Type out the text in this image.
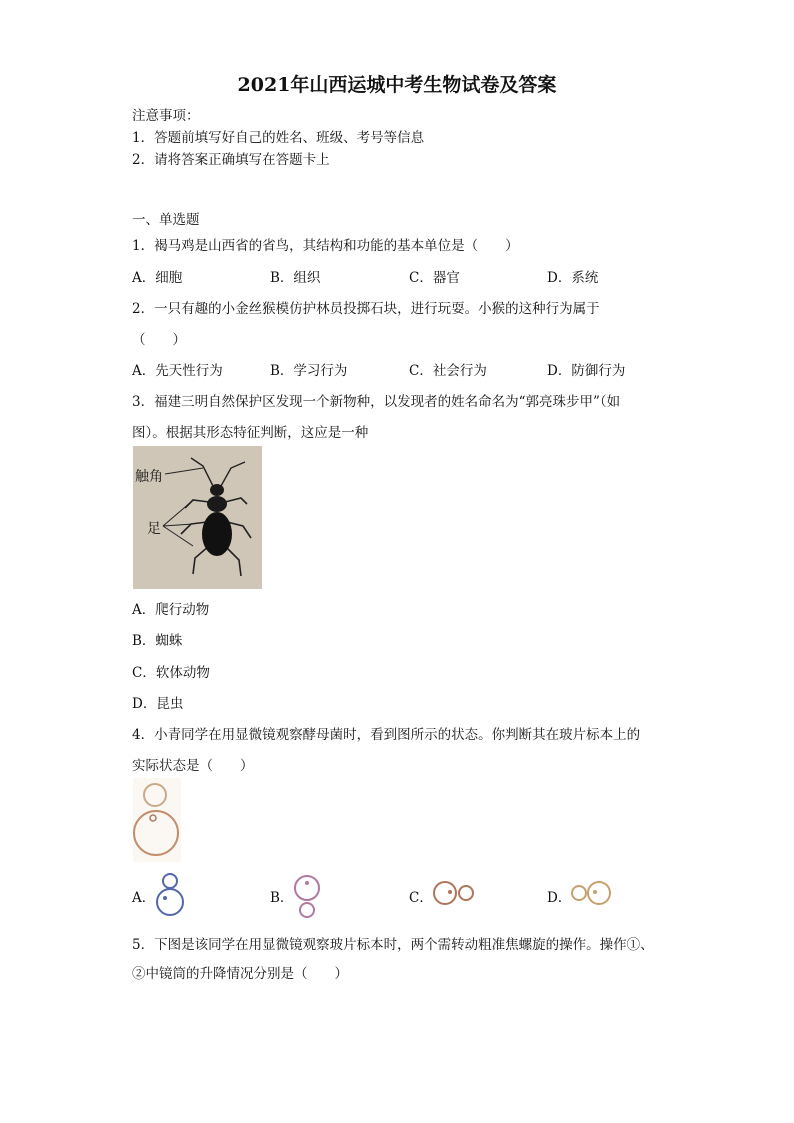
2021年山西运城中考生物试卷及答案
注意事项：
1．答题前填写好自己的姓名、班级、考号等信息
2．请将答案正确填写在答题卡上
一、单选题
1．褐马鸡是山西省的省鸟，其结构和功能的基本单位是（　　）
A．细胞	B．组织	C．器官	D．系统
2．一只有趣的小金丝猴模仿护林员投掷石块，进行玩耍。小猴的这种行为属于
（　　）
A．先天性行为	B．学习行为	C．社会行为	D．防御行为
3．福建三明自然保护区发现一个新物种，以发现者的姓名命名为“郭亮珠步甲”（如
图）。根据其形态特征判断，这应是一种
触角
足
A．爬行动物
B．蜘蛛
C．软体动物
D．昆虫
4．小青同学在用显微镜观察酵母菌时，看到图所示的状态。你判断其在玻片标本上的
实际状态是（　　）
A．	B．	C．	D．
5．下图是该同学在用显微镜观察玻片标本时，两个需转动粗准焦螺旋的操作。操作①、
②中镜筒的升降情况分别是（　　）
